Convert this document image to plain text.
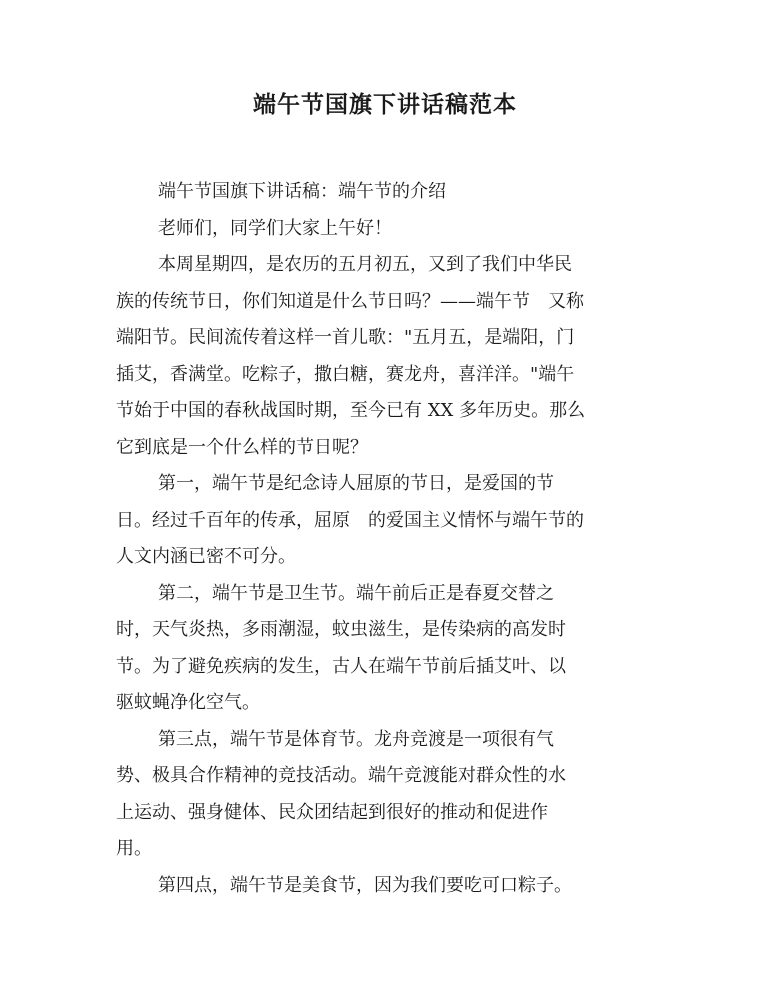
端午节国旗下讲话稿范本

端午节国旗下讲话稿：端午节的介绍

老师们，同学们大家上午好！

本周星期四，是农历的五月初五，又到了我们中华民

族的传统节日，你们知道是什么节日吗？——端午节　又称

端阳节。民间流传着这样一首儿歌："五月五，是端阳，门

插艾，香满堂。吃粽子，撒白糖，赛龙舟，喜洋洋。"端午

节始于中国的春秋战国时期，至今已有 XX 多年历史。那么

它到底是一个什么样的节日呢？

第一，端午节是纪念诗人屈原的节日，是爱国的节

日。经过千百年的传承，屈原　的爱国主义情怀与端午节的

人文内涵已密不可分。

第二，端午节是卫生节。端午前后正是春夏交替之

时，天气炎热，多雨潮湿，蚊虫滋生，是传染病的高发时

节。为了避免疾病的发生，古人在端午节前后插艾叶、以

驱蚊蝇净化空气。

第三点，端午节是体育节。龙舟竞渡是一项很有气

势、极具合作精神的竞技活动。端午竞渡能对群众性的水

上运动、强身健体、民众团结起到很好的推动和促进作

用。

第四点，端午节是美食节，因为我们要吃可口粽子。
